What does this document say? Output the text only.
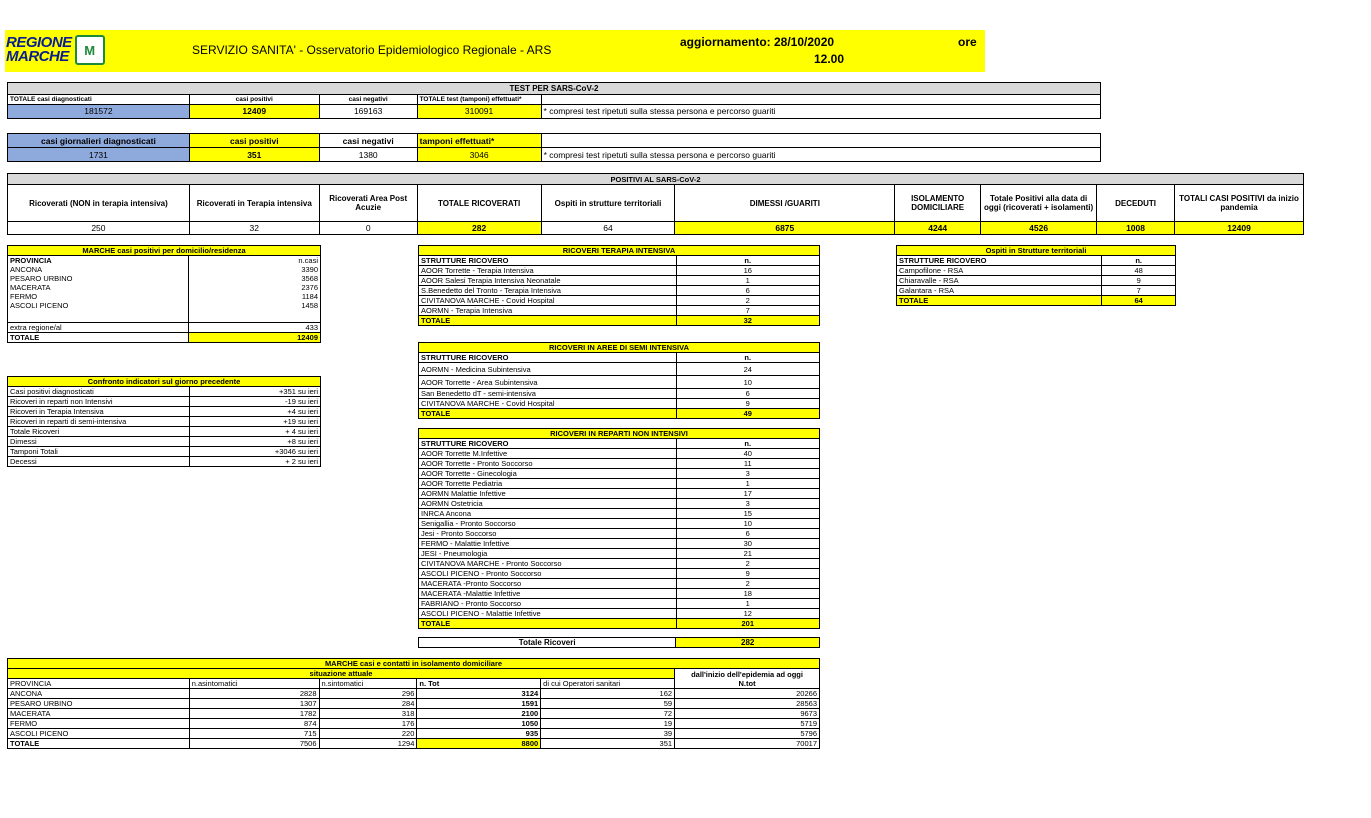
REGIONE
MARCHE	M	SERVIZIO SANITA' - Osservatorio Epidemiologico Regionale - ARS
aggiornamento: 28/10/2020	ore
12.00
TEST PER SARS-CoV-2				
TOTALE casi diagnosticati	casi positivi	casi negativi	TOTALE test (tamponi) effettuati*	
181572	12409	169163	310091	* compresi test ripetuti sulla stessa persona e percorso guariti
casi giornalieri diagnosticati	casi positivi	casi negativi	tamponi effettuati*	
1731	351	1380	3046	* compresi test ripetuti sulla stessa persona e percorso guariti
POSITIVI AL SARS-CoV-2									
Ricoverati (NON in terapia intensiva)	Ricoverati in Terapia intensiva	Ricoverati Area Post Acuzie	TOTALE RICOVERATI	Ospiti in strutture territoriali	DIMESSI /GUARITI	ISOLAMENTO DOMICILIARE	Totale Positivi alla data di oggi (ricoverati + isolamenti)	DECEDUTI	TOTALI CASI POSITIVI da inizio pandemia
250	32	0	282	64	6875	4244	4526	1008	12409
MARCHE casi positivi per domicilio/residenza	
PROVINCIA	n.casi
ANCONA	3390
PESARO URBINO	3568
MACERATA	2376
FERMO	1184
ASCOLI PICENO	1458

extra regione/al	433
TOTALE	12409
Confronto indicatori sul giorno precedente	
Casi positivi diagnosticati	+351 su ieri
Ricoveri in reparti non Intensivi	-19 su ieri
Ricoveri in Terapia Intensiva	+4 su ieri
Ricoveri in reparti di semi-intensiva	+19 su ieri
Totale Ricoveri	+ 4 su ieri
Dimessi	+8 su ieri
Tamponi Totali	+3046 su ieri
Decessi	+ 2 su ieri
RICOVERI TERAPIA INTENSIVA	
STRUTTURE RICOVERO	n.
AOOR Torrette - Terapia Intensiva	16
AOOR Salesi Terapia Intensiva Neonatale	1
S.Benedetto del Tronto - Terapia Intensiva	6
CIVITANOVA MARCHE - Covid Hospital	2
AORMN - Terapia Intensiva	7
TOTALE	32
RICOVERI IN AREE DI SEMI INTENSIVA	
STRUTTURE RICOVERO	n.
AORMN - Medicina Subintensiva	24
AOOR Torrette - Area Subintensiva	10
San Benedetto dT - semi-intensiva	6
CIVITANOVA MARCHE - Covid Hospital	9
TOTALE	49
RICOVERI IN REPARTI NON INTENSIVI	
STRUTTURE RICOVERO	n.
AOOR Torrette M.Infettive	40
AOOR Torrette - Pronto Soccorso	11
AOOR Torrette - Ginecologia	3
AOOR Torrette Pediatria	1
AORMN Malattie Infettive	17
AORMN Ostetricia	3
INRCA Ancona	15
Senigallia - Pronto Soccorso	10
Jesi - Pronto Soccorso	6
FERMO - Malattie Infettive	30
JESI - Pneumologia	21
CIVITANOVA MARCHE - Pronto Soccorso	2
ASCOLI PICENO - Pronto Soccorso	9
MACERATA -Pronto Soccorso	2
MACERATA -Malattie Infettive	18
FABRIANO - Pronto Soccorso	1
ASCOLI PICENO - Malattie Infettive	12
TOTALE	201
Totale Ricoveri	282
Ospiti in Strutture territoriali	
STRUTTURE RICOVERO	n.
Campofilone - RSA	48
Chiaravalle - RSA	9
Galantara - RSA	7
TOTALE	64
MARCHE casi e contatti in isolamento domiciliare					
situazione attuale					dall'inizio dell'epidemia ad oggi
N.tot

PROVINCIA	n.asintomatici	n.sintomatici	n. Tot	di cui Operatori sanitari	
ANCONA	2828	296	3124	162	20266
PESARO URBINO	1307	284	1591	59	28563
MACERATA	1782	318	2100	72	9673
FERMO	874	176	1050	19	5719
ASCOLI PICENO	715	220	935	39	5796
TOTALE	7506	1294	8800	351	70017
